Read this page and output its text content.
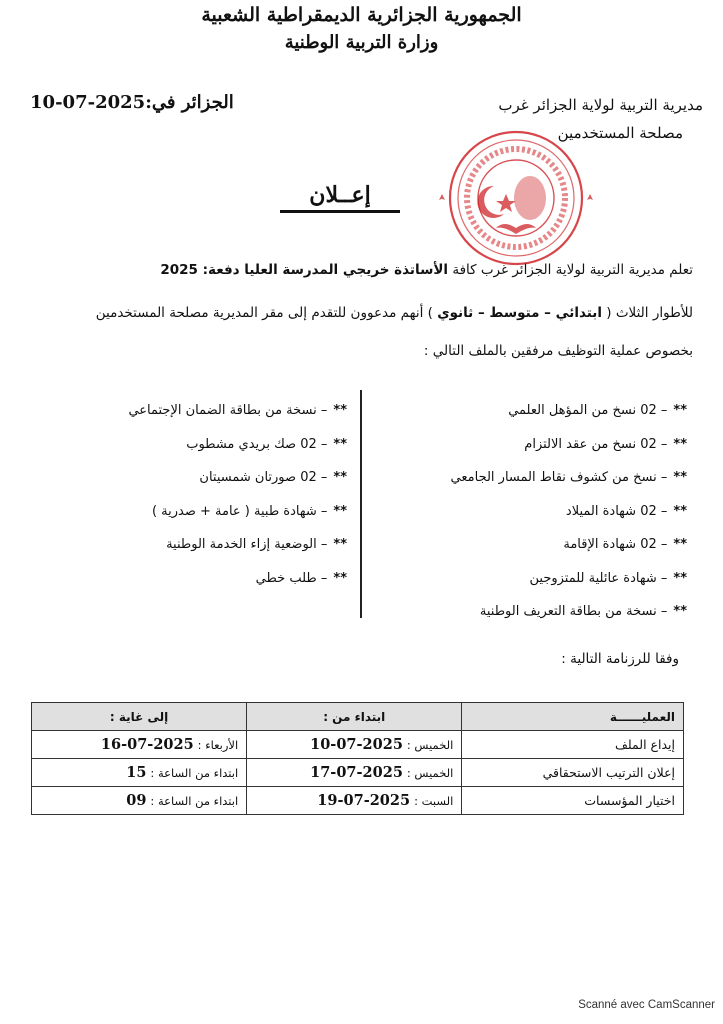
الجمهورية الجزائرية الديمقراطية الشعبية
وزارة التربية الوطنية
الجزائر في:2025-07-10	مديرية التربية لولاية الجزائر غرب
مصلحة المستخدمين
إعــلان
تعلم مديرية التربية لولاية الجزائر غرب كافة الأساتذة خريجي المدرسة العليا دفعة: 2025
للأطوار الثلاث ( ابتدائي – متوسط – ثانوي ) أنهم مدعوون للتقدم إلى مقر المديرية مصلحة المستخدمين
بخصوص عملية التوظيف مرفقين بالملف التالي :
**
– 02 نسخ من المؤهل العلمي
**
– 02 نسخ من عقد الالتزام
**
– نسخ من كشوف نقاط المسار الجامعي
**
– 02 شهادة الميلاد
**
– 02 شهادة الإقامة
**
– شهادة عائلية للمتزوجين
**
– نسخة من بطاقة التعريف الوطنية
**
– نسخة من بطاقة الضمان الإجتماعي
**
– 02 صك بريدي مشطوب
**
– 02 صورتان شمسيتان
**
– شهادة طبية ( عامة + صدرية )
**
– الوضعية إزاء الخدمة الوطنية
**
– طلب خطي
وفقا للرزنامة التالية :
العمليــــــة	ابتداء من :	إلى غاية :
إيداع الملف	الخميس : 2025-07-10	الأربعاء : 2025-07-16
إعلان الترتيب الاستحقاقي	الخميس : 2025-07-17	ابتداء من الساعة : 15
اختيار المؤسسات	السبت : 2025-07-19	ابتداء من الساعة : 09
Scanné avec CamScanner
